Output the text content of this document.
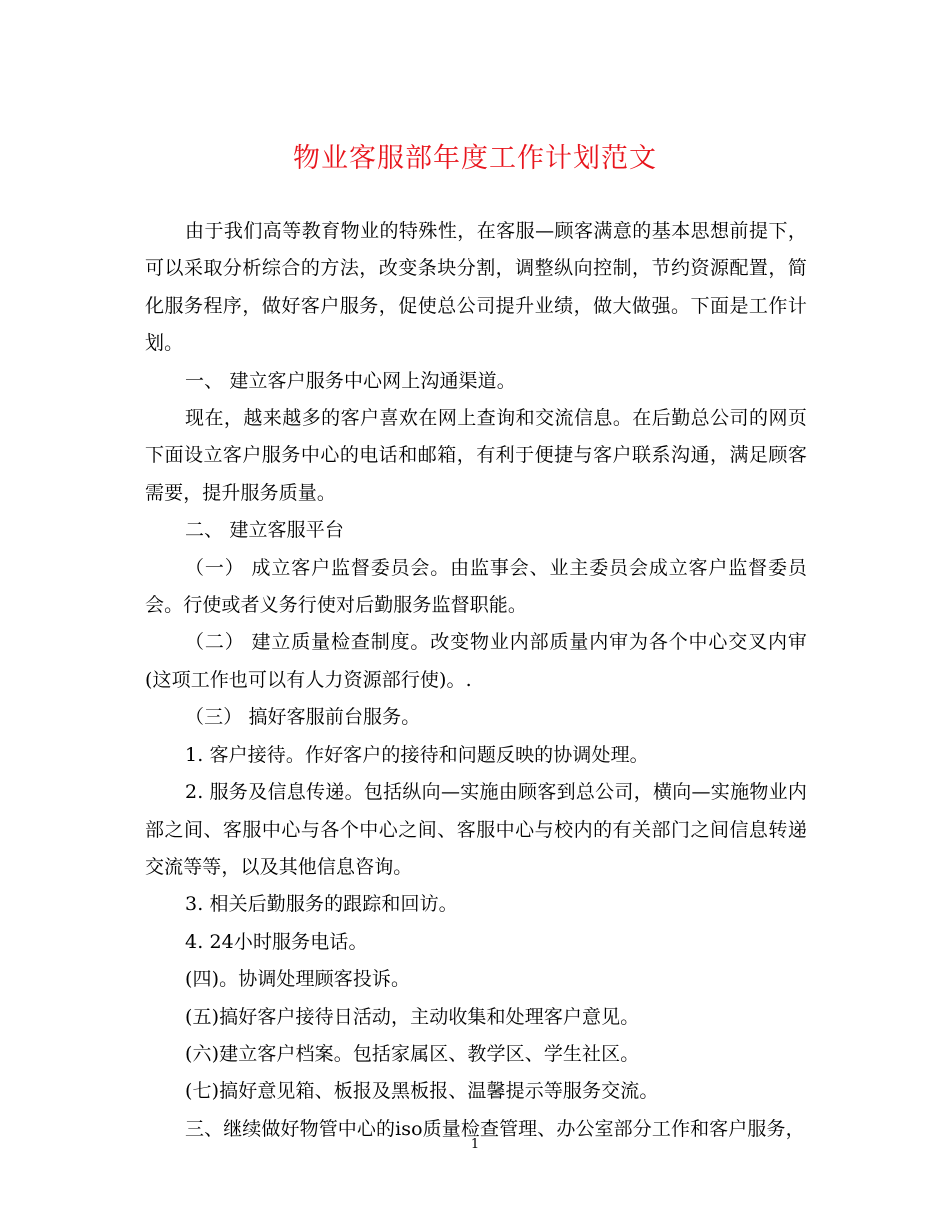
物业客服部年度工作计划范文

由于我们高等教育物业的特殊性，在客服—顾客满意的基本思想前提下，可以采取分析综合的方法，改变条块分割，调整纵向控制，节约资源配置，简化服务程序，做好客户服务，促使总公司提升业绩，做大做强。下面是工作计划。

一、 建立客户服务中心网上沟通渠道。

现在，越来越多的客户喜欢在网上查询和交流信息。在后勤总公司的网页下面设立客户服务中心的电话和邮箱，有利于便捷与客户联系沟通，满足顾客需要，提升服务质量。

二、 建立客服平台

（一） 成立客户监督委员会。由监事会、业主委员会成立客户监督委员会。行使或者义务行使对后勤服务监督职能。

（二） 建立质量检查制度。改变物业内部质量内审为各个中心交叉内审(这项工作也可以有人力资源部行使)。.

（三） 搞好客服前台服务。

1. 客户接待。作好客户的接待和问题反映的协调处理。

2. 服务及信息传递。包括纵向—实施由顾客到总公司，横向—实施物业内部之间、客服中心与各个中心之间、客服中心与校内的有关部门之间信息转递交流等等，以及其他信息咨询。

3. 相关后勤服务的跟踪和回访。

4. 24小时服务电话。

(四)。协调处理顾客投诉。

(五)搞好客户接待日活动，主动收集和处理客户意见。

(六)建立客户档案。包括家属区、教学区、学生社区。

(七)搞好意见箱、板报及黑板报、温馨提示等服务交流。

三、继续做好物管中心的iso质量检查管理、办公室部分工作和客户服务，

1
